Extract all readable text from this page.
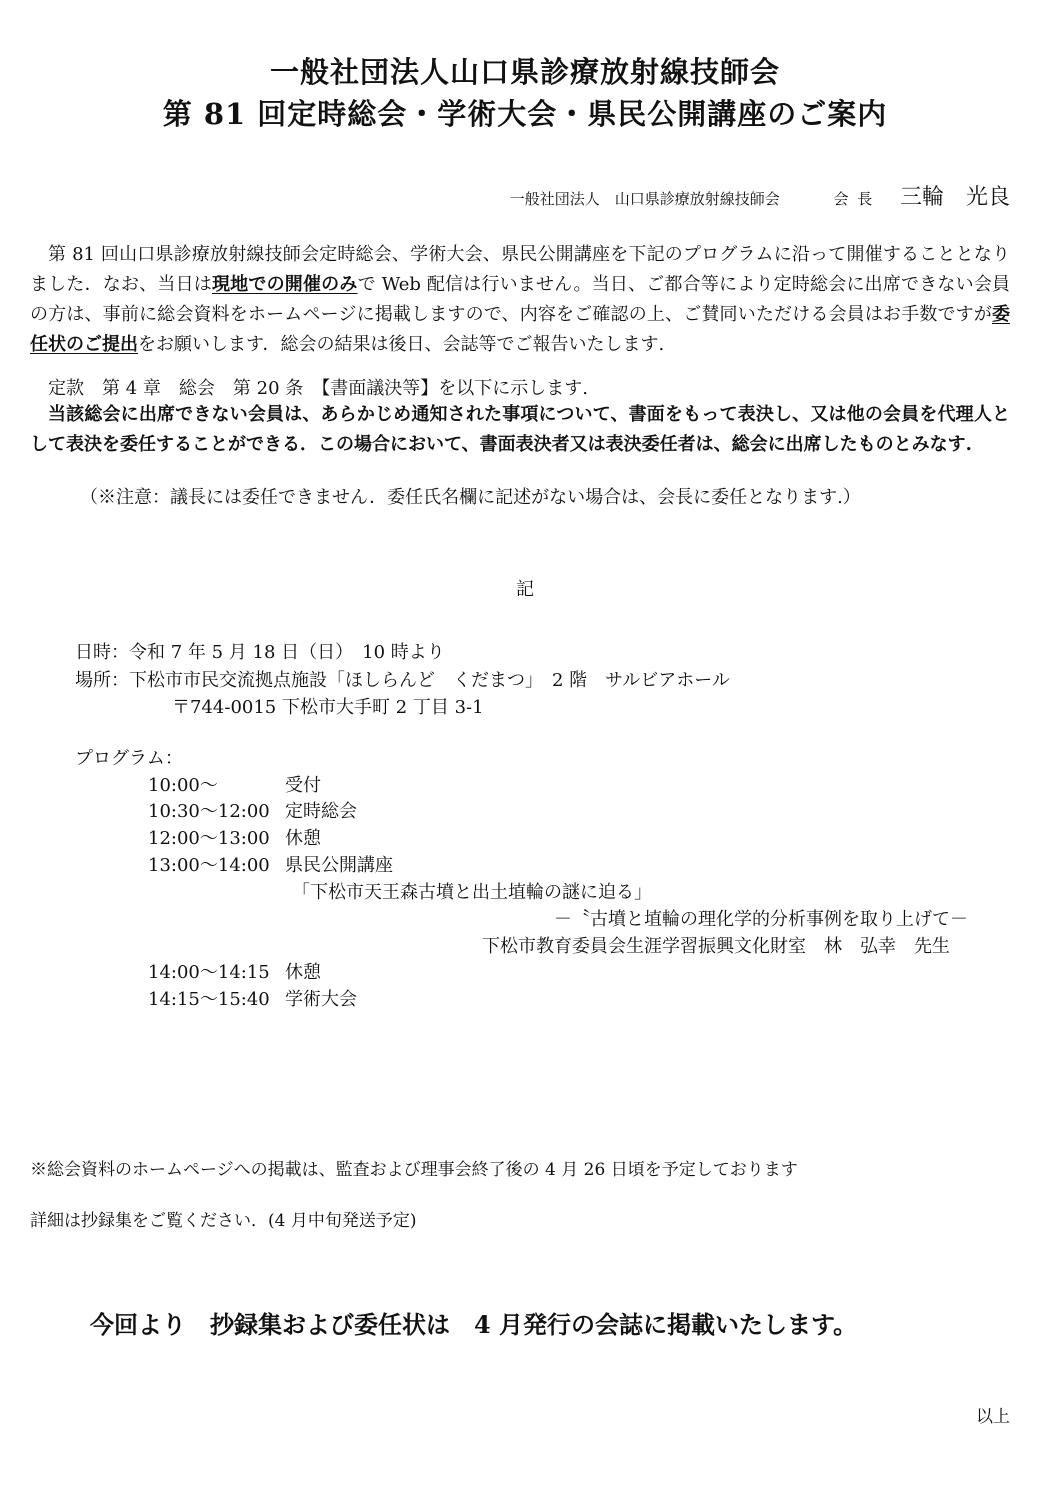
一般社団法人山口県診療放射線技師会
第 81 回定時総会・学術大会・県民公開講座のご案内
一般社団法人　山口県診療放射線技師会	会 長 三輪　光良
第 81 回山口県診療放射線技師会定時総会、学術大会、県民公開講座を下記のプログラムに沿って開催することとなりました．なお、当日は現地での開催のみで Web 配信は行いません。当日、ご都合等により定時総会に出席できない会員の方は、事前に総会資料をホームページに掲載しますので、内容をご確認の上、ご賛同いただける会員はお手数ですが委任状のご提出をお願いします．総会の結果は後日、会誌等でご報告いたします.
定款　第 4 章　総会　第 20 条　【書面議決等】を以下に示します.
当該総会に出席できない会員は、あらかじめ通知された事項について、書面をもって表決し、又は他の会員を代理人として表決を委任することができる．この場合において、書面表決者又は表決委任者は、総会に出席したものとみなす.
（※注意：議長には委任できません．委任氏名欄に記述がない場合は、会長に委任となります.）
記
日時：令和 7 年 5 月 18 日（日）　10 時より
場所：下松市市民交流拠点施設「ほしらんど　くだまつ」　2 階　サルビアホール
〒744-0015 下松市大手町 2 丁目 3-1
プログラム：
10:00～	受付
10:30～12:00 定時総会
12:00～13:00 休憩
13:00～14:00 県民公開講座
「下松市天王森古墳と出土埴輪の謎に迫る」
－〝古墳と埴輪の理化学的分析事例を取り上げて－
下松市教育委員会生涯学習振興文化財室　林　弘幸　先生
14:00～14:15 休憩
14:15～15:40 学術大会
※総会資料のホームページへの掲載は、監査および理事会終了後の 4 月 26 日頃を予定しております
詳細は抄録集をご覧ください．(4 月中旬発送予定)
今回より　抄録集および委任状は　4 月発行の会誌に掲載いたします。
以上
